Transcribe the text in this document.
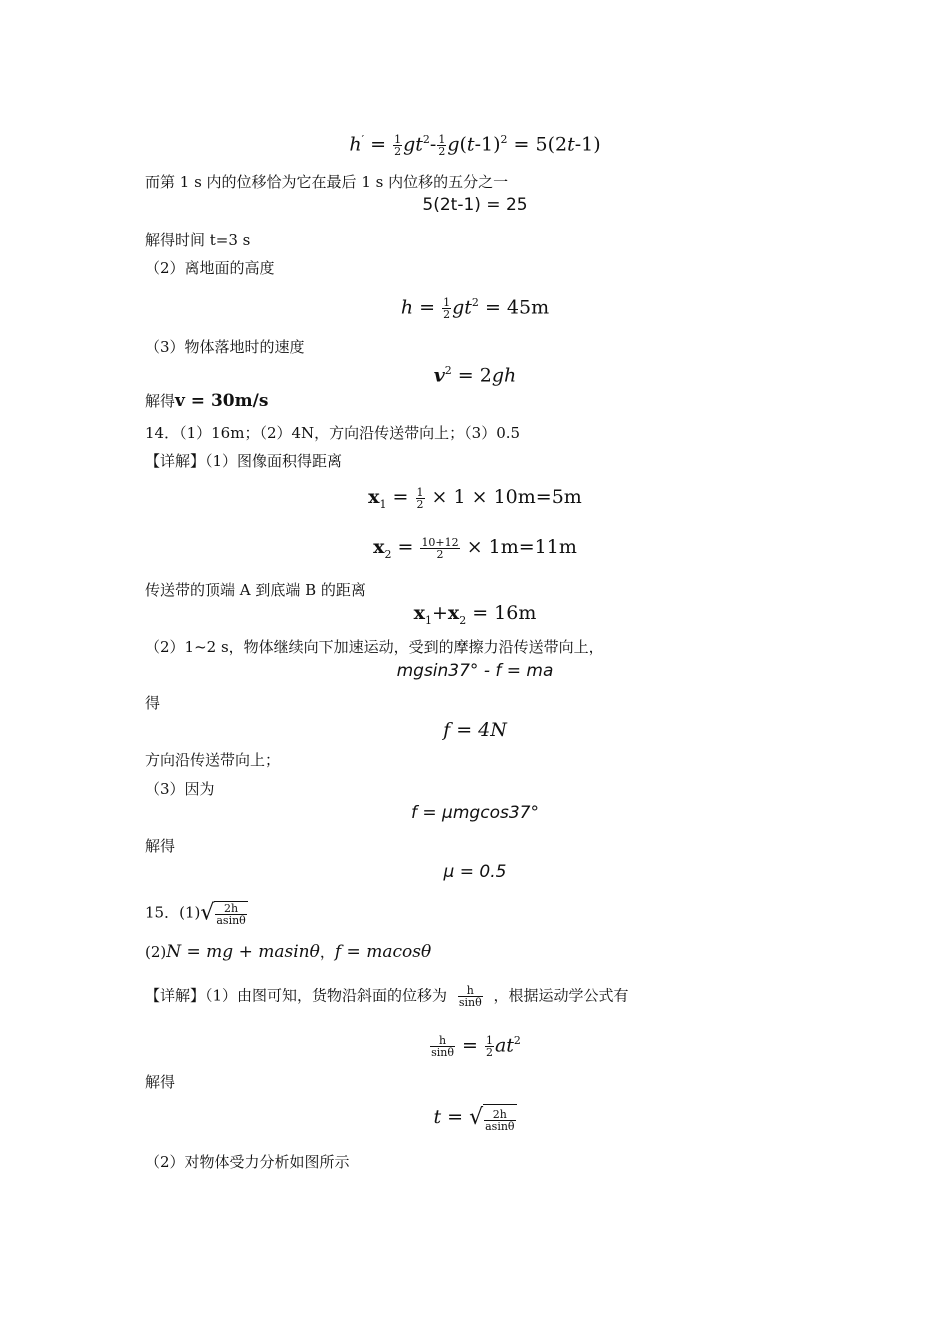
$h' = \frac{1}{2} gt^2- \frac{1}{2} g(t-1)^2 = 5(2t-1)$
而第 1 s 内的位移恰为它在最后 1 s 内位移的五分之一
5(2t-1) = 25
解得时间 t=3 s
（2）离地面的高度
$h = \frac{1}{2} gt^2 = 45m$
（3）物体落地时的速度
$v^2 = 2gh$
解得v = 30m/s
14．（1）16m；（2）4N，方向沿传送带向上；（3）0.5
【详解】（1）图像面积得距离
$x_1 = \frac{1}{2} \times 1 \times 10m=5m$
$x_2 = \frac{10+12}{2} \times 1m=11m$
传送带的顶端 A 到底端 B 的距离
$x_1+x_2 = 16m$
（2）1~2 s，物体继续向下加速运动，受到的摩擦力沿传送带向上，
mgsin37° - f = ma
得
f = 4N
方向沿传送带向上；
（3）因为
f = μmgcos37°
解得
μ = 0.5
15．$(1)√ \frac{2h}{asin\theta}$
(2)N = mg + masinθ，f = macosθ
【详解】（1）由图可知，货物沿斜面的位移为 $\frac{h}{\sin\theta}$ ，根据运动学公式有
$\frac{h}{\sin\theta} = \frac{1}{2} at^2$
解得
t = √ $\frac{2h}{asin\theta}$
（2）对物体受力分析如图所示
